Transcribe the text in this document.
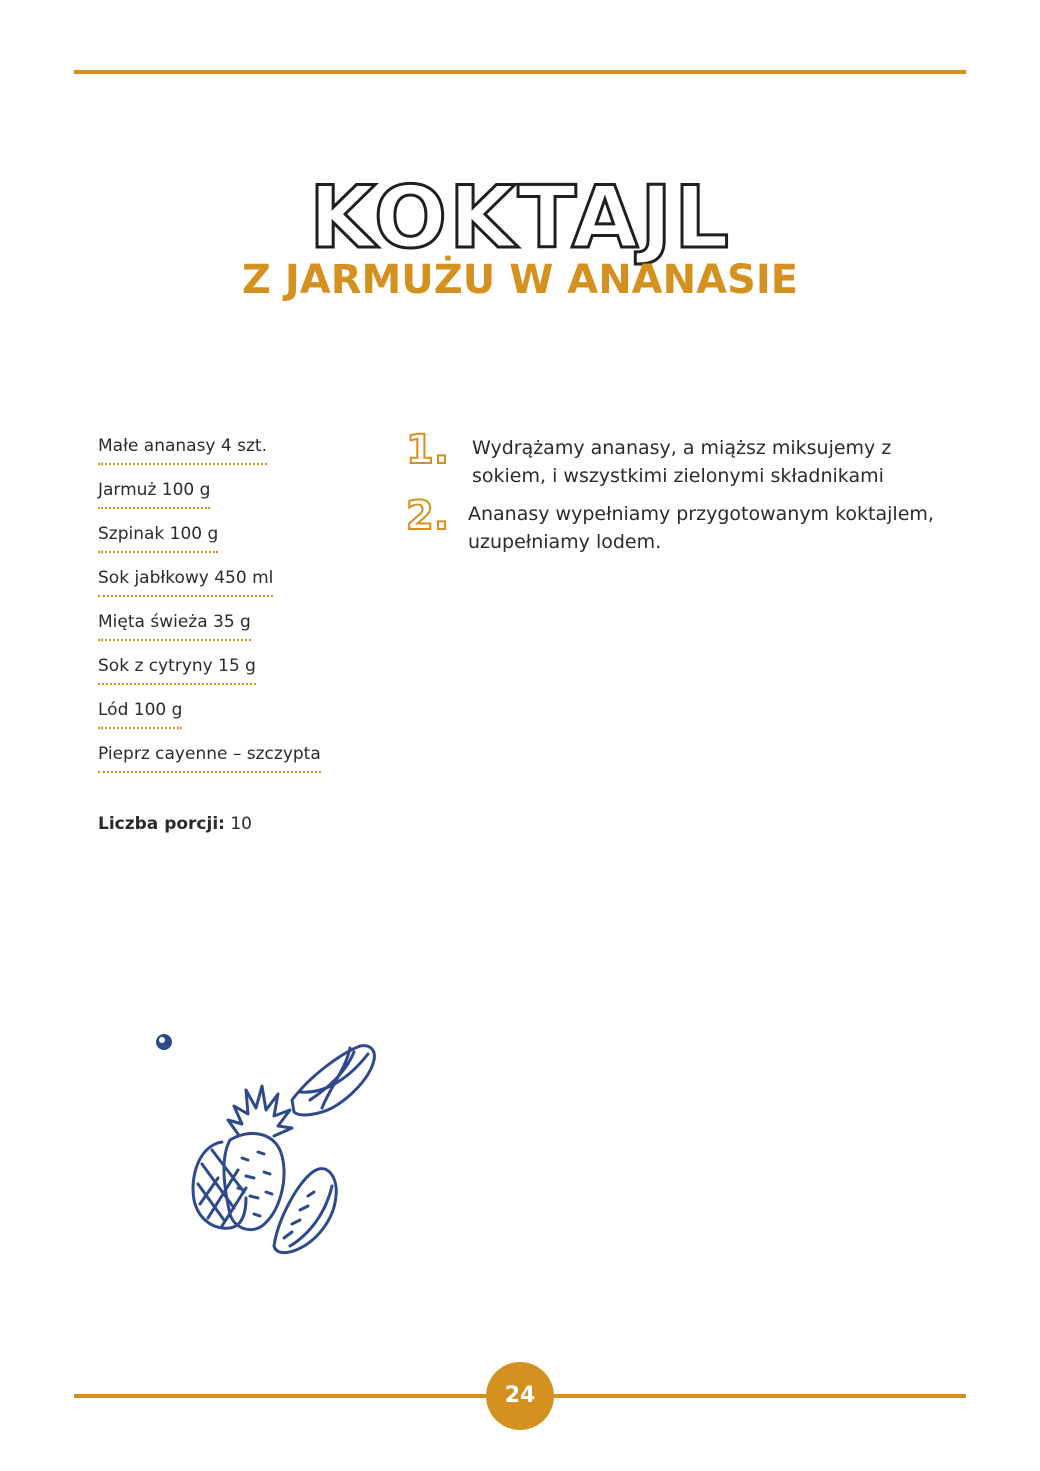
KOKTAJL
Z JARMUŻU W ANANASIE
Małe ananasy 4 szt.
Jarmuż 100 g
Szpinak 100 g
Sok jabłkowy 450 ml
Mięta świeża 35 g
Sok z cytryny 15 g
Lód 100 g
Pieprz cayenne – szczypta
Liczba porcji: 10
1. Wydrążamy ananasy, a miąższ miksujemy z sokiem, i wszystkimi zielonymi składnikami
2. Ananasy wypełniamy przygotowanym koktajlem, uzupełniamy lodem.
24
